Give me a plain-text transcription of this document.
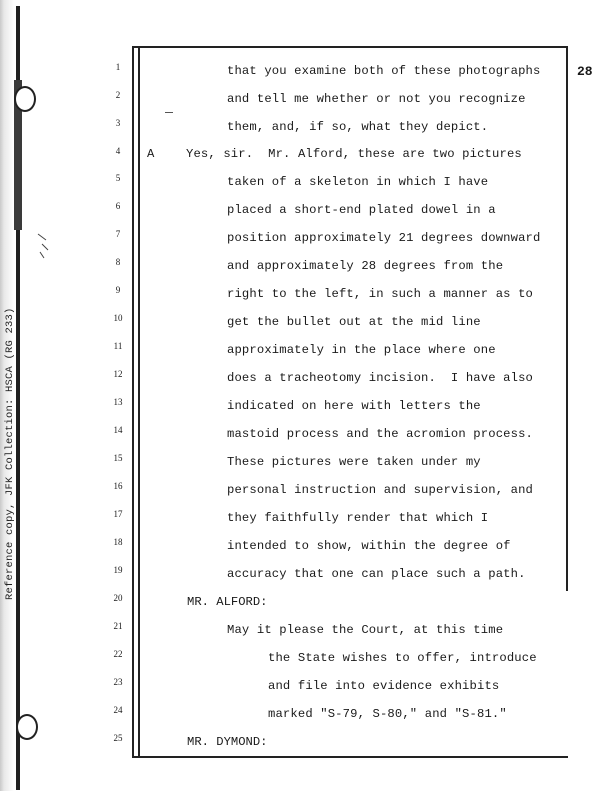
Reference copy, JFK Collection: HSCA (RG 233)
28
1
2
3
4
5
6
7
8
9
10
11
12
13
14
15
16
17
18
19
20
21
22
23
24
25
A
that you examine both of these photographs
and tell me whether or not you recognize
them, and, if so, what they depict.
Yes, sir.  Mr. Alford, these are two pictures
taken of a skeleton in which I have
placed a short-end plated dowel in a
position approximately 21 degrees downward
and approximately 28 degrees from the
right to the left, in such a manner as to
get the bullet out at the mid line
approximately in the place where one
does a tracheotomy incision.  I have also
indicated on here with letters the
mastoid process and the acromion process.
These pictures were taken under my
personal instruction and supervision, and
they faithfully render that which I
intended to show, within the degree of
accuracy that one can place such a path.
MR. ALFORD:
May it please the Court, at this time
the State wishes to offer, introduce
and file into evidence exhibits
marked "S-79, S-80," and "S-81."
MR. DYMOND:
